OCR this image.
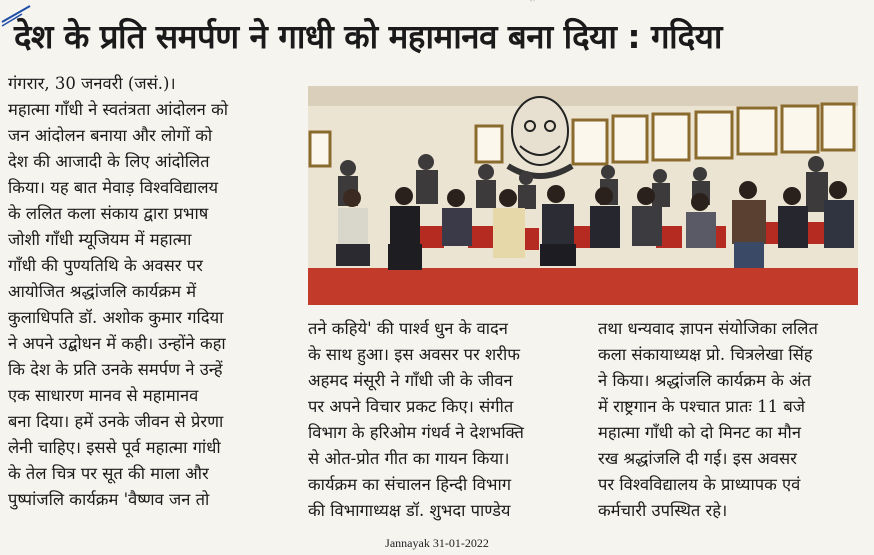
ׁ ׁ ׁ
देश के प्रति समर्पण ने गाधी को महामानव बना दिया : गदिया

गंगरार, 30 जनवरी (जसं.)।

महात्मा गाँधी ने स्वतंत्रता आंदोलन को

जन आंदोलन बनाया और लोगों को

देश की आजादी के लिए आंदोलित

किया। यह बात मेवाड़ विश्वविद्यालय

के ललित कला संकाय द्वारा प्रभाष

जोशी गाँधी म्यूजियम में महात्मा

गाँधी की पुण्यतिथि के अवसर पर

आयोजित श्रद्धांजलि कार्यक्रम में

कुलाधिपति डॉ. अशोक कुमार गदिया

ने अपने उद्बोधन में कही। उन्होंने कहा

कि देश के प्रति उनके समर्पण ने उन्हें

एक साधारण मानव से महामानव

बना दिया। हमें उनके जीवन से प्रेरणा

लेनी चाहिए। इससे पूर्व महात्मा गांधी

के तेल चित्र पर सूत की माला और

पुष्पांजलि कार्यक्रम 'वैष्णव जन तो

तने कहिये' की पार्श्व धुन के वादन

के साथ हुआ। इस अवसर पर शरीफ

अहमद मंसूरी ने गाँधी जी के जीवन

पर अपने विचार प्रकट किए। संगीत

विभाग के हरिओम गंधर्व ने देशभक्ति

से ओत-प्रोत गीत का गायन किया।

कार्यक्रम का संचालन हिन्दी विभाग

की विभागाध्यक्ष डॉ. शुभदा पाण्डेय

तथा धन्यवाद ज्ञापन संयोजिका ललित

कला संकायाध्यक्ष प्रो. चित्रलेखा सिंह

ने किया। श्रद्धांजलि कार्यक्रम के अंत

में राष्ट्रगान के पश्चात प्रातः 11 बजे

महात्मा गाँधी को दो मिनट का मौन

रख श्रद्धांजलि दी गई। इस अवसर

पर विश्वविद्यालय के प्राध्यापक एवं

कर्मचारी उपस्थित रहे।

Jannayak 31-01-2022
